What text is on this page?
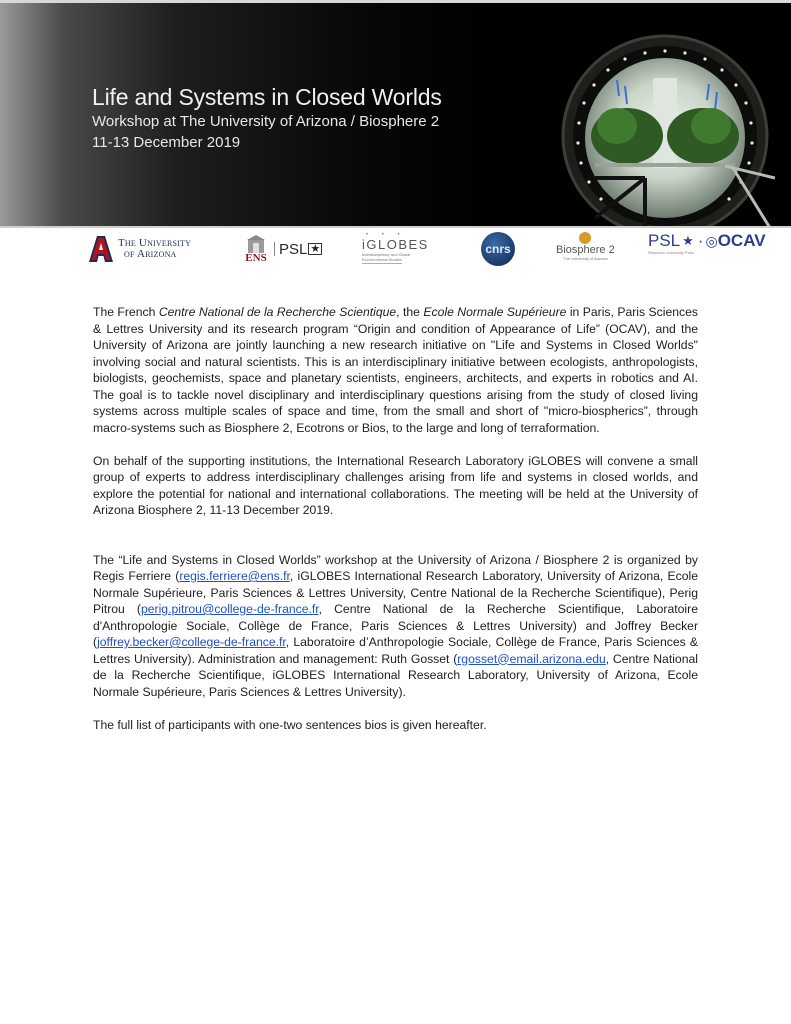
Life and Systems in Closed Worlds
Workshop at The University of Arizona / Biosphere 2
11-13 December 2019
The University
of Arizona	ENS PSL ★
• • •
iGLOBES
Interdisciplinary and Global
Environmental Studies
cnrs	Biosphere 2
The University of Arizona
PSL ★ · ◎ OCAV
Research University Paris

The French Centre National de la Recherche Scientique, the Ecole Normale Supérieure in Paris, Paris Sciences & Lettres University and its research program “Origin and condition of Appearance of Life” (OCAV), and the University of Arizona are jointly launching a new research initiative on "Life and Systems in Closed Worlds" involving social and natural scientists. This is an interdisciplinary initiative between ecologists, anthropologists, biologists, geochemists, space and planetary scientists, engineers, architects, and experts in robotics and AI. The goal is to tackle novel disciplinary and interdisciplinary questions arising from the study of closed living systems across multiple scales of space and time, from the small and short of "micro-biospherics”, through macro-systems such as Biosphere 2, Ecotrons or Bios, to the large and long of terraformation.

On behalf of the supporting institutions, the International Research Laboratory iGLOBES will convene a small group of experts to address interdisciplinary challenges arising from life and systems in closed worlds, and explore the potential for national and international collaborations. The meeting will be held at the University of Arizona Biosphere 2, 11-13 December 2019.

The “Life and Systems in Closed Worlds” workshop at the University of Arizona / Biosphere 2 is organized by Regis Ferriere (regis.ferriere@ens.fr, iGLOBES International Research Laboratory, University of Arizona, Ecole Normale Supérieure, Paris Sciences & Lettres University, Centre National de la Recherche Scientifique), Perig Pitrou (perig.pitrou@college-de-france.fr, Centre National de la Recherche Scientifique, Laboratoire d'Anthropologie Sociale, Collège de France, Paris Sciences & Lettres University) and Joffrey Becker (joffrey.becker@college-de-france.fr, Laboratoire d’Anthropologie Sociale, Collège de France, Paris Sciences & Lettres University). Administration and management: Ruth Gosset (rgosset@email.arizona.edu, Centre National de la Recherche Scientifique, iGLOBES International Research Laboratory, University of Arizona, Ecole Normale Supérieure, Paris Sciences & Lettres University).

The full list of participants with one-two sentences bios is given hereafter.
